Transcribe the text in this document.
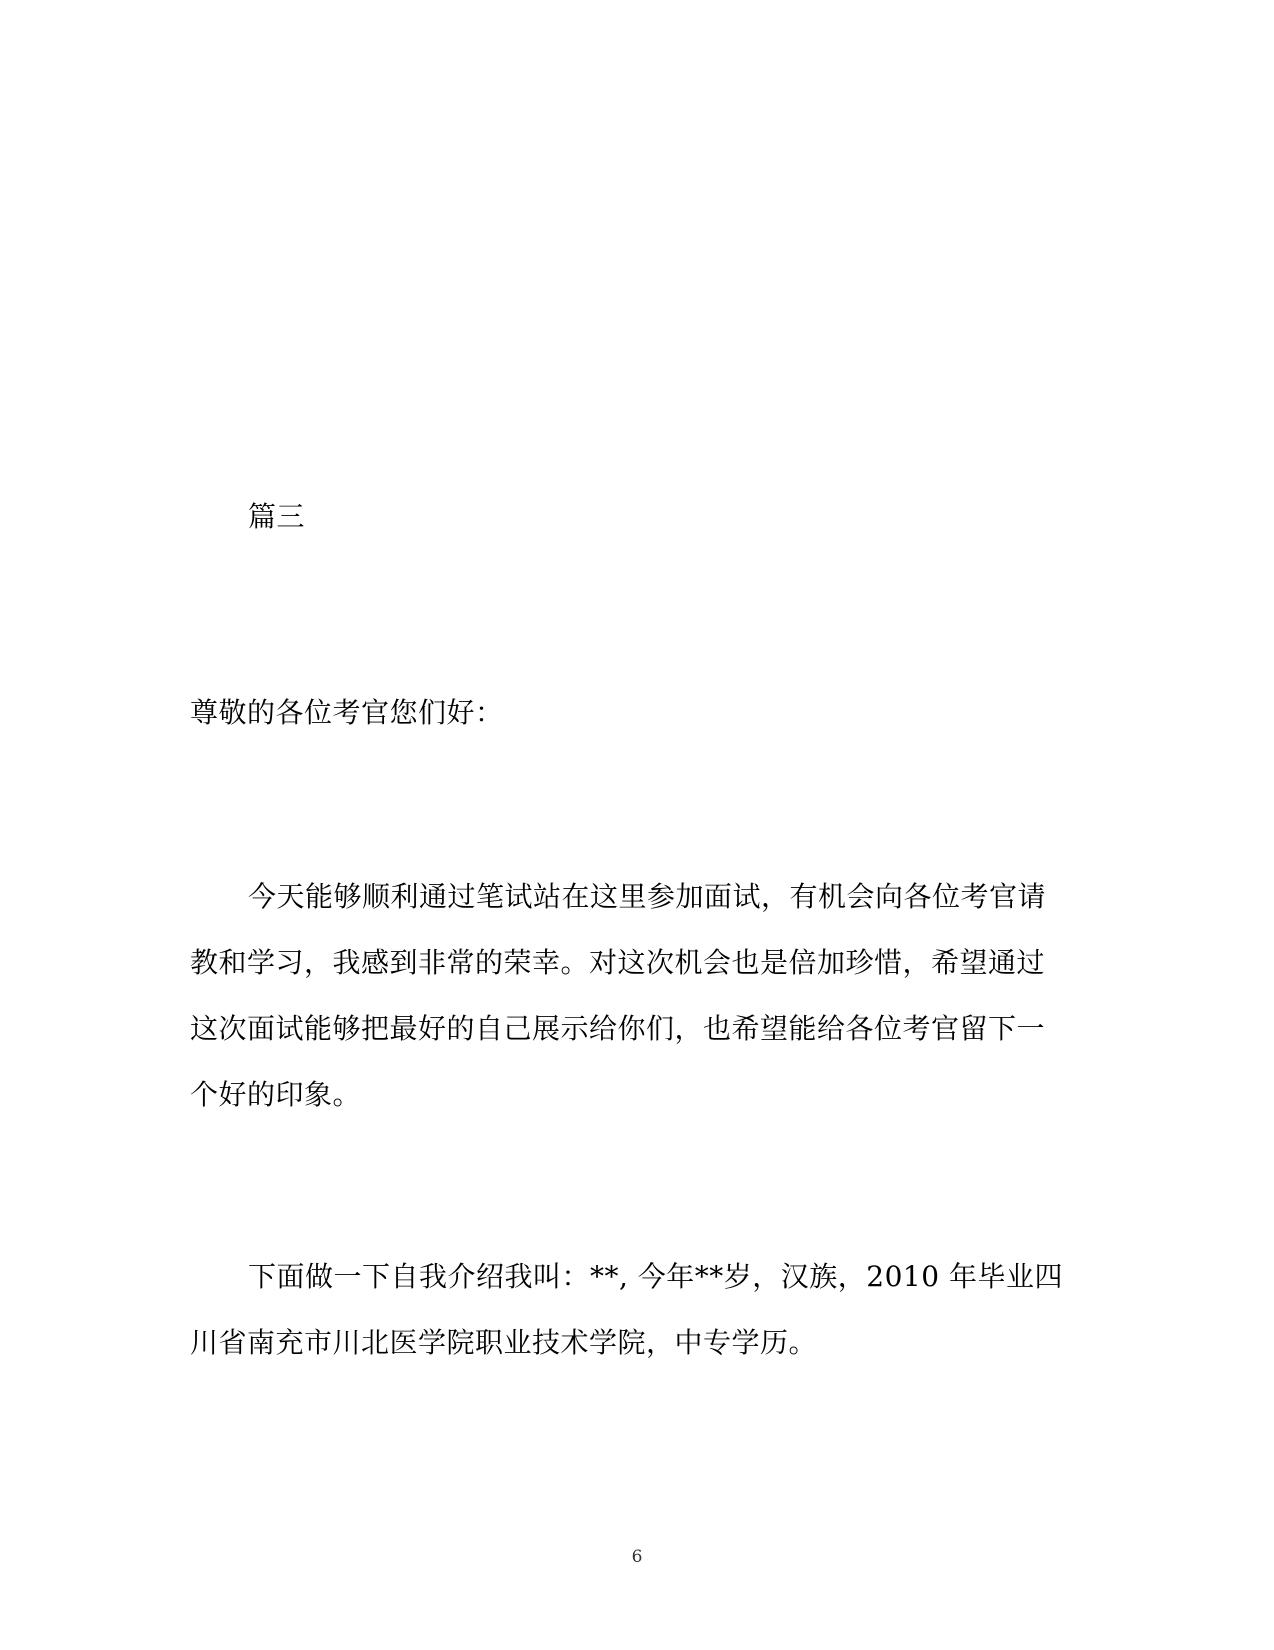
篇三
尊敬的各位考官您们好：
今天能够顺利通过笔试站在这里参加面试，有机会向各位考官请教和学习，我感到非常的荣幸。对这次机会也是倍加珍惜，希望通过这次面试能够把最好的自己展示给你们，也希望能给各位考官留下一个好的印象。
下面做一下自我介绍我叫：**, 今年**岁，汉族，2010 年毕业四川省南充市川北医学院职业技术学院，中专学历。
6
